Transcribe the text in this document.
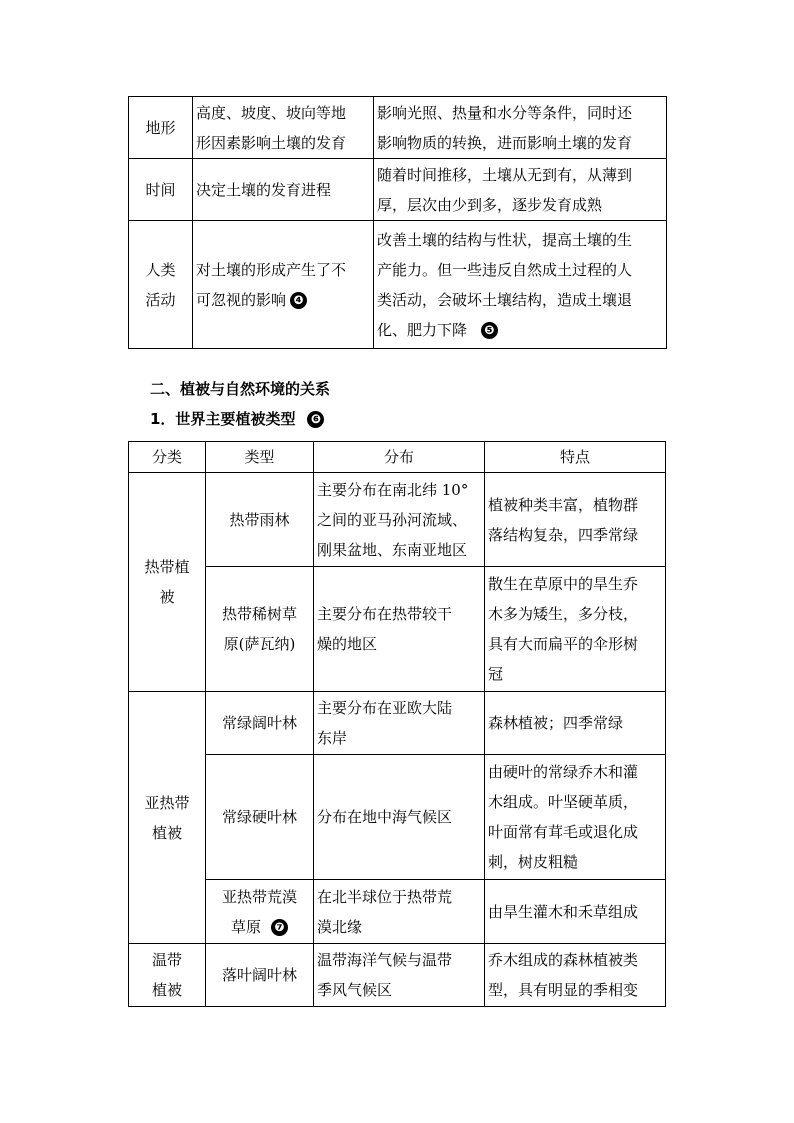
地形	高度、坡度、坡向等地
形因素影响土壤的发育	影响光照、热量和水分等条件，同时还
影响物质的转换，进而影响土壤的发育
时间	决定土壤的发育进程	随着时间推移，土壤从无到有，从薄到
厚，层次由少到多，逐步发育成熟
人类
活动	对土壤的形成产生了不
可忽视的影响 ❹	改善土壤的结构与性状，提高土壤的生
产能力。但一些违反自然成土过程的人
类活动，会破坏土壤结构，造成土壤退
化、肥力下降 ❺
二、植被与自然环境的关系
1．世界主要植被类型 ❻
分类	类型	分布	特点
热带植
被	热带雨林	主要分布在南北纬 10°
之间的亚马孙河流域、
刚果盆地、东南亚地区	植被种类丰富，植物群
落结构复杂，四季常绿
	热带稀树草
原(萨瓦纳)	主要分布在热带较干
燥的地区	散生在草原中的旱生乔
木多为矮生，多分枝，
具有大而扁平的伞形树
冠
亚热带
植被	常绿阔叶林	主要分布在亚欧大陆
东岸	森林植被；四季常绿
	常绿硬叶林	分布在地中海气候区	由硬叶的常绿乔木和灌
木组成。叶坚硬革质，
叶面常有茸毛或退化成
刺，树皮粗糙
	亚热带荒漠
草原 ❼	在北半球位于热带荒
漠北缘	由旱生灌木和禾草组成
温带
植被	落叶阔叶林	温带海洋气候与温带
季风气候区	乔木组成的森林植被类
型，具有明显的季相变
